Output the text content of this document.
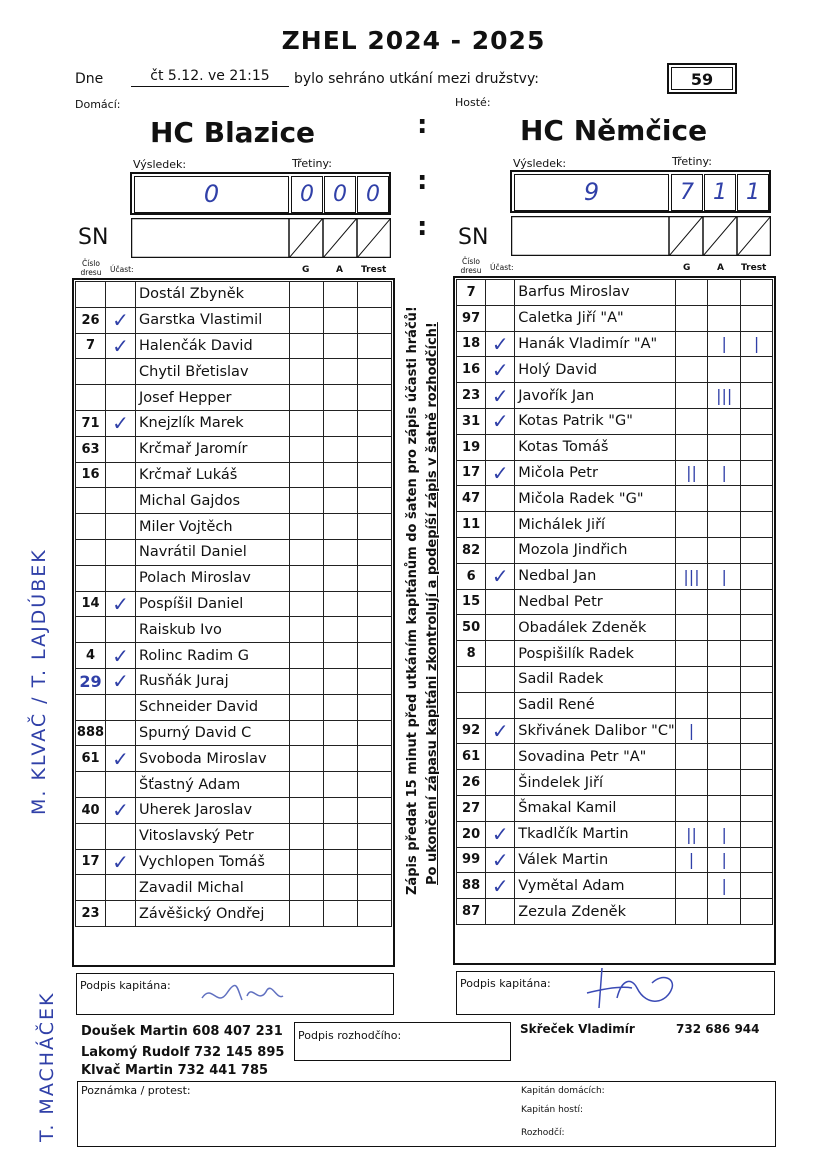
ZHEL 2024 - 2025
Dne	čt 5.12. ve 21:15	bylo sehráno utkání mezi družstvy:	59
Domácí:	Hosté:
HC Blazice	HC Němčice
:
:
:
Výsledek:	Třetiny:
0	0 0 0
Výsledek:	Třetiny:
9	7 1 1
SN	SN
Číslo dresu	Účast:	G	A Trest
Číslo dresu	Účast:	G	A Trest
		Dostál Zbyněk			
26	✓	Garstka Vlastimil			
7	✓	Halenčák David			
		Chytil Břetislav			
		Josef Hepper			
71	✓	Knejzlík Marek			
63		Krčmař Jaromír			
16		Krčmař Lukáš			
		Michal Gajdos			
		Miler Vojtěch			
		Navrátil Daniel			
		Polach Miroslav			
14	✓	Pospíšil Daniel			
		Raiskub Ivo			
4	✓	Rolinc Radim G			
29	✓	Rusňák Juraj			
		Schneider David			
888		Spurný David C			
61	✓	Svoboda Miroslav			
		Šťastný Adam			
40	✓	Uherek Jaroslav			
		Vitoslavský Petr			
17	✓	Vychlopen Tomáš			
		Zavadil Michal			
23		Závěšický Ondřej			
7		Barfus Miroslav			
97		Caletka Jiří "A"			
18	✓	Hanák Vladimír "A"		|	|
16	✓	Holý David			
23	✓	Javořík Jan		|||	
31	✓	Kotas Patrik "G"			
19		Kotas Tomáš			
17	✓	Mičola Petr	||	|	
47		Mičola Radek "G"			
11		Michálek Jiří			
82		Mozola Jindřich			
6	✓	Nedbal Jan	|||	|	
15		Nedbal Petr			
50		Obadálek Zdeněk			
8		Pospišilík Radek			
		Sadil Radek			
		Sadil René			
92	✓	Skřivánek Dalibor "C"	|		
61		Sovadina Petr "A"			
26		Šindelek Jiří			
27		Šmakal Kamil			
20	✓	Tkadlčík Martin	||	|	
99	✓	Válek Martin	|	|	
88	✓	Vymětal Adam		|	
87		Zezula Zdeněk			
Zápis předat 15 minut před utkáním kapitánům do šaten pro zápis účasti hráčů! Po ukončení zápasu kapitáni zkontrolují a podepíší zápis v šatně rozhodčích!
M. KLVAČ / T. LAJDÚBEK
T. MACHÁČEK
Podpis kapitána:	Podpis kapitána:
Doušek Martin 608 407 231
Lakomý Rudolf 732 145 895
Klvač Martin 732 441 785
Podpis rozhodčího:	Skřeček Vladimír	732 686 944
Poznámka / protest:	Kapitán domácích:
Kapitán hostí:
Rozhodčí:
